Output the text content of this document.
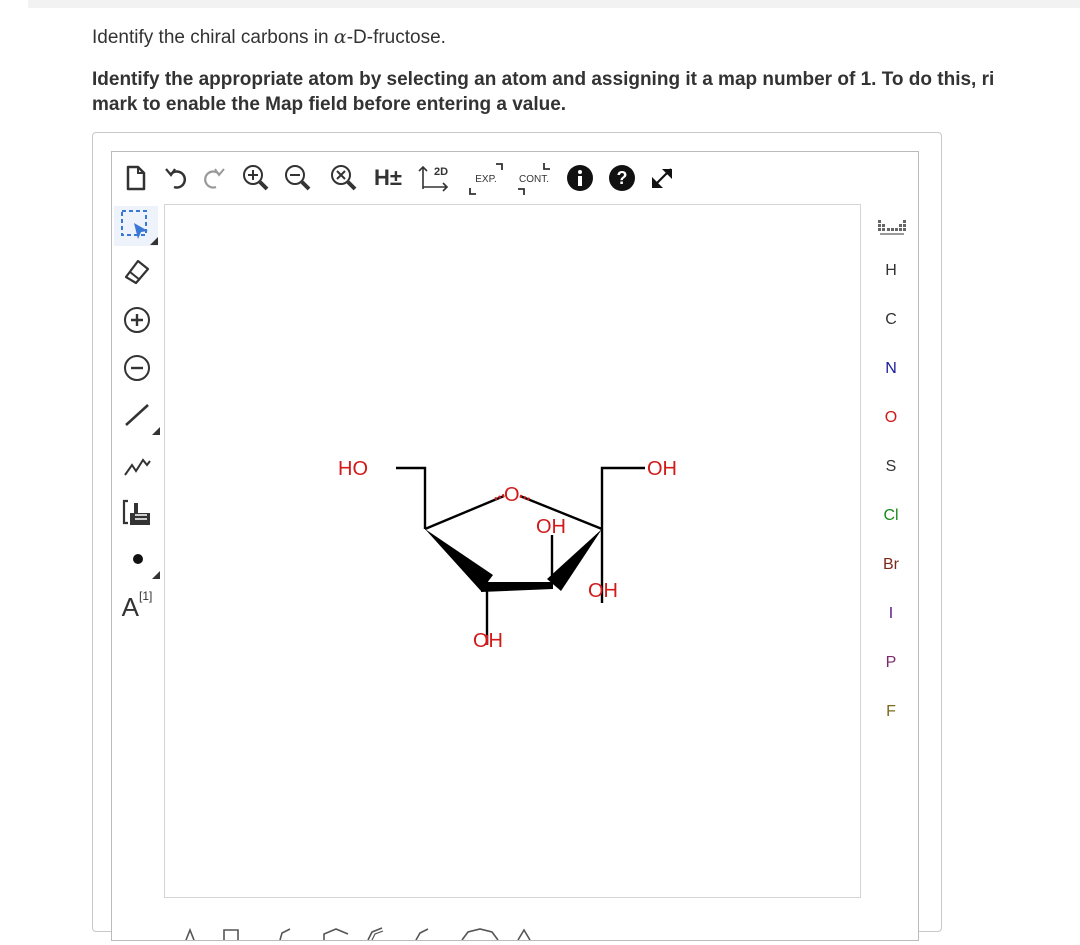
Identify the chiral carbons in α-D-fructose.
Identify the appropriate atom by selecting an atom and assigning it a map number of 1. To do this, ri
mark to enable the Map field before entering a value.
H±	2D
EXP. CONT.	?
A [1]
HO	OH
O
OH
OH
OH
H
C
N
O
S
Cl
Br
I
P
F
